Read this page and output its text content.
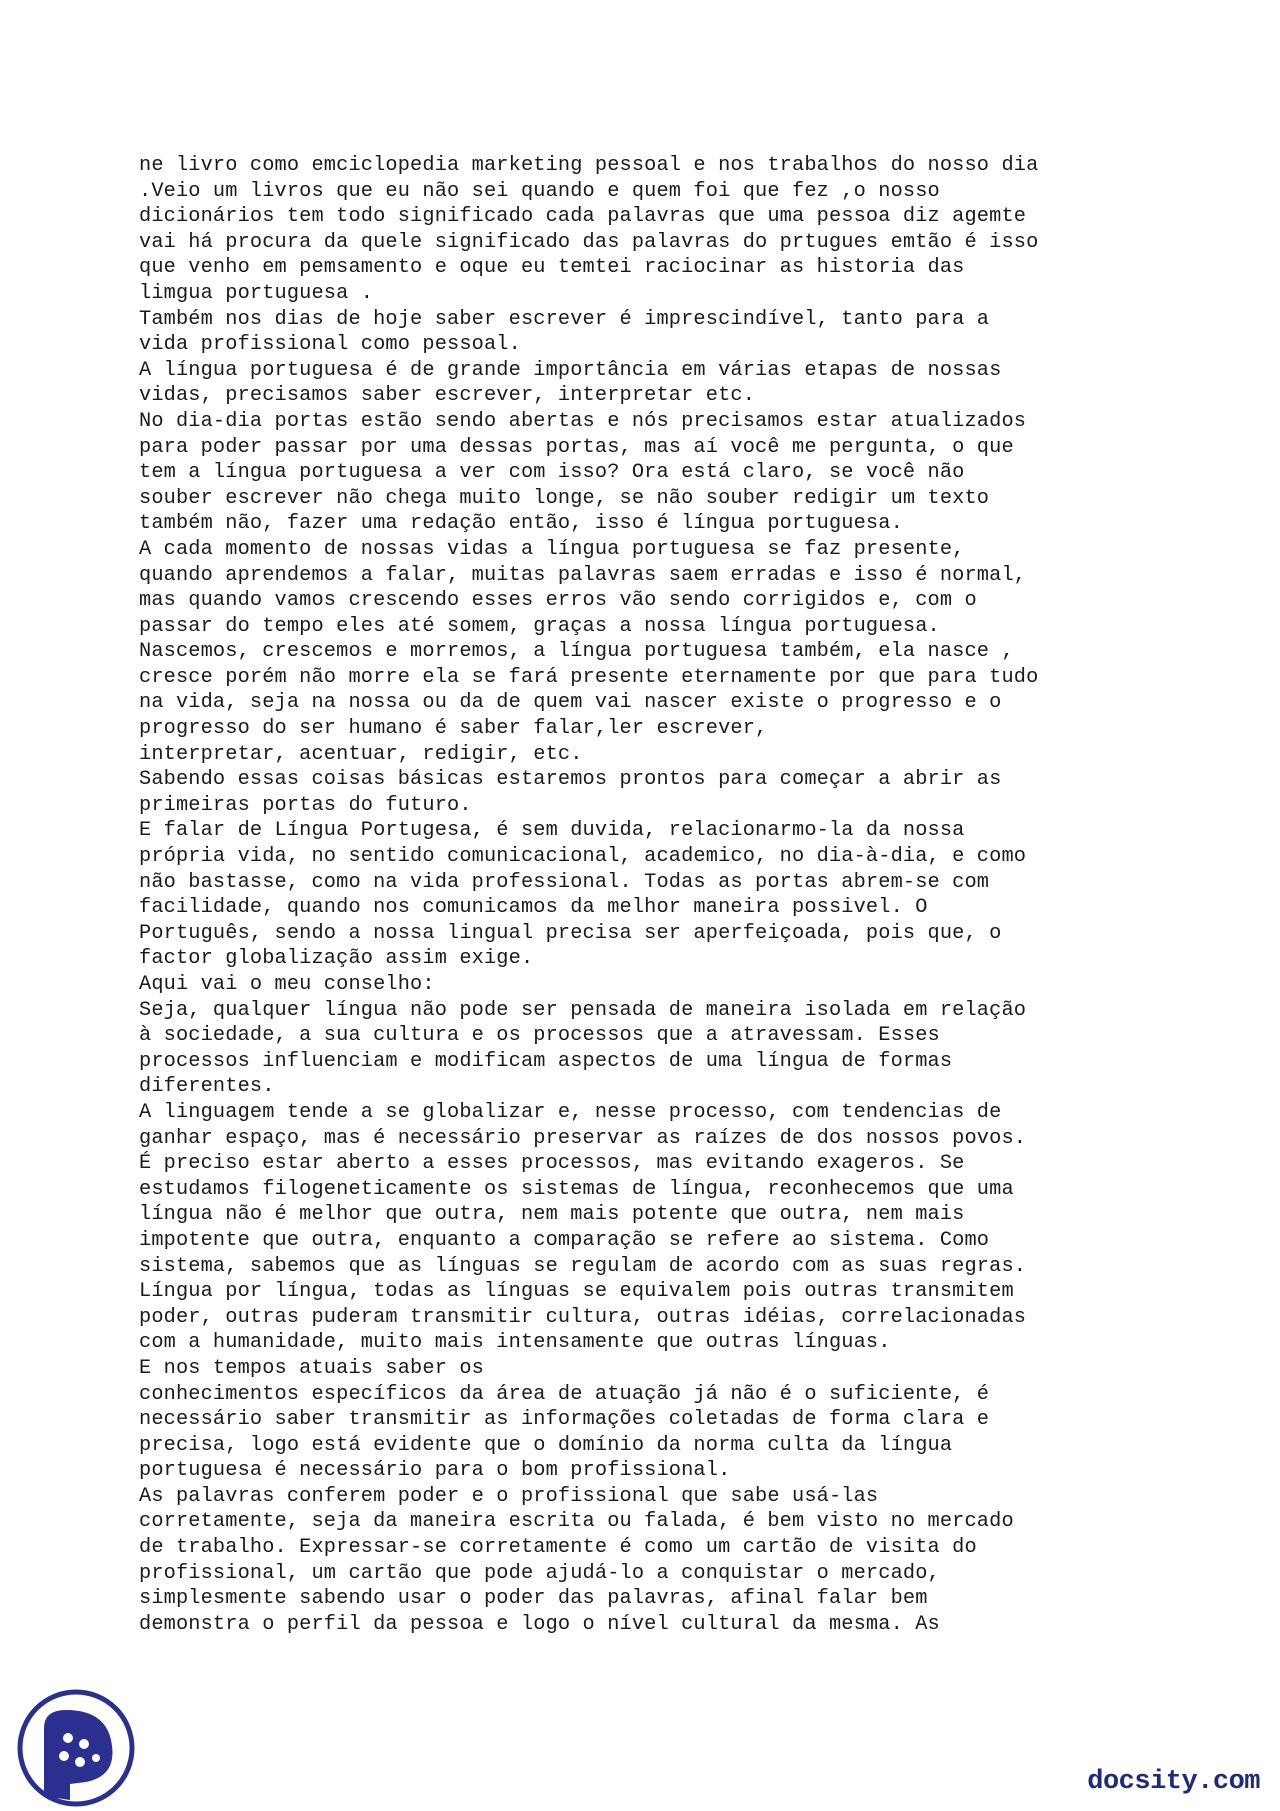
ne livro como emciclopedia marketing pessoal e nos trabalhos do nosso dia
.Veio um livros que eu não sei quando e quem foi que fez ,o nosso
dicionários tem todo significado cada palavras que uma pessoa diz agemte
vai há procura da quele significado das palavras do prtugues emtão é isso
que venho em pemsamento e oque eu temtei raciocinar as historia das
limgua portuguesa .
Também nos dias de hoje saber escrever é imprescindível, tanto para a
vida profissional como pessoal.
A língua portuguesa é de grande importância em várias etapas de nossas
vidas, precisamos saber escrever, interpretar etc.
No dia-dia portas estão sendo abertas e nós precisamos estar atualizados
para poder passar por uma dessas portas, mas aí você me pergunta, o que
tem a língua portuguesa a ver com isso? Ora está claro, se você não
souber escrever não chega muito longe, se não souber redigir um texto
também não, fazer uma redação então, isso é língua portuguesa.
A cada momento de nossas vidas a língua portuguesa se faz presente,
quando aprendemos a falar, muitas palavras saem erradas e isso é normal,
mas quando vamos crescendo esses erros vão sendo corrigidos e, com o
passar do tempo eles até somem, graças a nossa língua portuguesa.
Nascemos, crescemos e morremos, a língua portuguesa também, ela nasce ,
cresce porém não morre ela se fará presente eternamente por que para tudo
na vida, seja na nossa ou da de quem vai nascer existe o progresso e o
progresso do ser humano é saber falar,ler escrever,
interpretar, acentuar, redigir, etc.
Sabendo essas coisas básicas estaremos prontos para começar a abrir as
primeiras portas do futuro.
E falar de Língua Portugesa, é sem duvida, relacionarmo-la da nossa
própria vida, no sentido comunicacional, academico, no dia-à-dia, e como
não bastasse, como na vida professional. Todas as portas abrem-se com
facilidade, quando nos comunicamos da melhor maneira possivel. O
Português, sendo a nossa lingual precisa ser aperfeiçoada, pois que, o
factor globalização assim exige.
Aqui vai o meu conselho:
Seja, qualquer língua não pode ser pensada de maneira isolada em relação
à sociedade, a sua cultura e os processos que a atravessam. Esses
processos influenciam e modificam aspectos de uma língua de formas
diferentes.
A linguagem tende a se globalizar e, nesse processo, com tendencias de
ganhar espaço, mas é necessário preservar as raízes de dos nossos povos.
É preciso estar aberto a esses processos, mas evitando exageros. Se
estudamos filogeneticamente os sistemas de língua, reconhecemos que uma
língua não é melhor que outra, nem mais potente que outra, nem mais
impotente que outra, enquanto a comparação se refere ao sistema. Como
sistema, sabemos que as línguas se regulam de acordo com as suas regras.
Língua por língua, todas as línguas se equivalem pois outras transmitem
poder, outras puderam transmitir cultura, outras idéias, correlacionadas
com a humanidade, muito mais intensamente que outras línguas.
E nos tempos atuais saber os
conhecimentos específicos da área de atuação já não é o suficiente, é
necessário saber transmitir as informações coletadas de forma clara e
precisa, logo está evidente que o domínio da norma culta da língua
portuguesa é necessário para o bom profissional.
As palavras conferem poder e o profissional que sabe usá-las
corretamente, seja da maneira escrita ou falada, é bem visto no mercado
de trabalho. Expressar-se corretamente é como um cartão de visita do
profissional, um cartão que pode ajudá-lo a conquistar o mercado,
simplesmente sabendo usar o poder das palavras, afinal falar bem
demonstra o perfil da pessoa e logo o nível cultural da mesma. As
docsity.com
